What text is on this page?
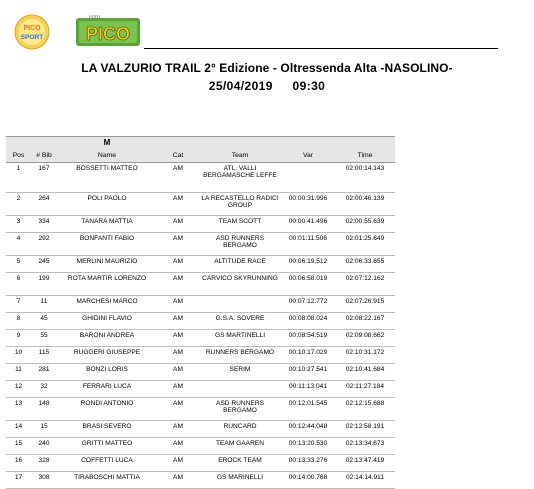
PICO
SPORT
FOTO
PICO
LA VALZURIO TRAIL 2° Edizione - Oltressenda Alta -NASOLINO-
25/04/2019 09:30
		M				
Pos	# Bib	Name	Cat	Team	Var	Time
1	167	BOSSETTI MATTEO	AM	ATL. VALLI BERGAMASCHE LEFFE		02:00:14.143
2	264	POLI PAOLO	AM	LA RECASTELLO RADICI GROUP	00:00:31.996	02:00:46.139
3	334	TANARA MATTIA	AM	TEAM SCOTT	00:00:41.496	02:00:55.639
4	292	BONFANTI FABIO	AM	ASD RUNNERS BERGAMO	00:01:11.506	02:01:25.649
5	245	MERLINI MAURIZIO	AM	ALTITUDE RACE	00:06:19.512	02:06:33.655
6	199	ROTA MARTIR LORENZO	AM	CARVICO SKYRUNNING	00:06:58.019	02:07:12.162
7	11	MARCHESI MARCO	AM		00:07:12.772	02:07:26.915
8	45	GHIDINI FLAVIO	AM	G.S.A. SOVERE	00:08:08.024	02:08:22.167
9	55	BARONI ANDREA	AM	GS MARTINELLI	00:08:54.519	02:09:08.662
10	115	RUGGERI GIUSEPPE	AM	RUNNERS BERGAMO	00:10:17.029	02:10:31.172
11	281	BONZI LORIS	AM	SERIM	00:10:27.541	02:10:41.684
12	32	FERRARI LUCA	AM		00:11:13.041	02:11:27.184
13	148	RONDI ANTONIO	AM	ASD RUNNERS BERGAMO	00:12:01.545	02:12:15.688
14	15	BRASI SEVERO	AM	RUNCARD	00:12:44.048	02:12:58.191
15	240	GRITTI MATTEO	AM	TEAM GAAREN	00:13:20.530	02:13:34.673
16	328	COFFETTI LUCA	AM	EROCK TEAM	00:13:33.276	02:13:47.419
17	308	TIRABOSCHI MATTIA	AM	GS MARINELLI	00:14:00.768	02:14:14.911
